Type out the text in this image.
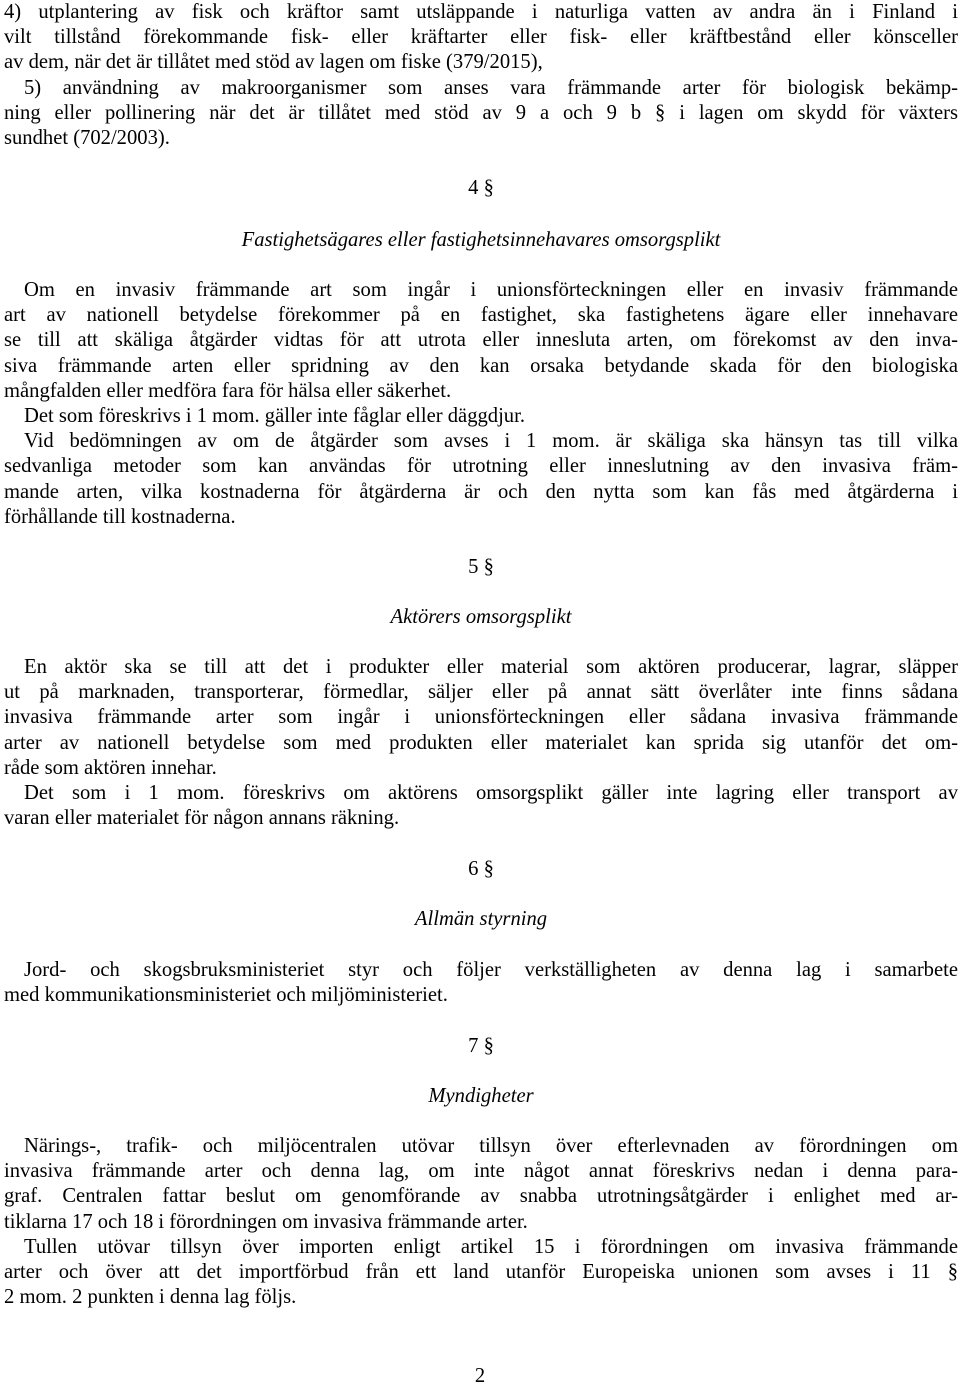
4) utplantering av fisk och kräftor samt utsläppande i naturliga vatten av andra än i Finland i

vilt tillstånd förekommande fisk- eller kräftarter eller fisk- eller kräftbestånd eller könsceller

av dem, när det är tillåtet med stöd av lagen om fiske (379/2015),

5) användning av makroorganismer som anses vara främmande arter för biologisk bekämp-

ning eller pollinering när det är tillåtet med stöd av 9 a och 9 b § i lagen om skydd för växters

sundhet (702/2003).

4 §

Fastighetsägares eller fastighetsinnehavares omsorgsplikt

Om en invasiv främmande art som ingår i unionsförteckningen eller en invasiv främmande

art av nationell betydelse förekommer på en fastighet, ska fastighetens ägare eller innehavare

se till att skäliga åtgärder vidtas för att utrota eller innesluta arten, om förekomst av den inva-

siva främmande arten eller spridning av den kan orsaka betydande skada för den biologiska

mångfalden eller medföra fara för hälsa eller säkerhet.

Det som föreskrivs i 1 mom. gäller inte fåglar eller däggdjur.

Vid bedömningen av om de åtgärder som avses i 1 mom. är skäliga ska hänsyn tas till vilka

sedvanliga metoder som kan användas för utrotning eller inneslutning av den invasiva främ-

mande arten, vilka kostnaderna för åtgärderna är och den nytta som kan fås med åtgärderna i

förhållande till kostnaderna.

5 §

Aktörers omsorgsplikt

En aktör ska se till att det i produkter eller material som aktören producerar, lagrar, släpper

ut på marknaden, transporterar, förmedlar, säljer eller på annat sätt överlåter inte finns sådana

invasiva främmande arter som ingår i unionsförteckningen eller sådana invasiva främmande

arter av nationell betydelse som med produkten eller materialet kan sprida sig utanför det om-

råde som aktören innehar.

Det som i 1 mom. föreskrivs om aktörens omsorgsplikt gäller inte lagring eller transport av

varan eller materialet för någon annans räkning.

6 §

Allmän styrning

Jord- och skogsbruksministeriet styr och följer verkställigheten av denna lag i samarbete

med kommunikationsministeriet och miljöministeriet.

7 §

Myndigheter

Närings-, trafik- och miljöcentralen utövar tillsyn över efterlevnaden av förordningen om

invasiva främmande arter och denna lag, om inte något annat föreskrivs nedan i denna para-

graf. Centralen fattar beslut om genomförande av snabba utrotningsåtgärder i enlighet med ar-

tiklarna 17 och 18 i förordningen om invasiva främmande arter.

Tullen utövar tillsyn över importen enligt artikel 15 i förordningen om invasiva främmande

arter och över att det importförbud från ett land utanför Europeiska unionen som avses i 11 §

2 mom. 2 punkten i denna lag följs.

2
